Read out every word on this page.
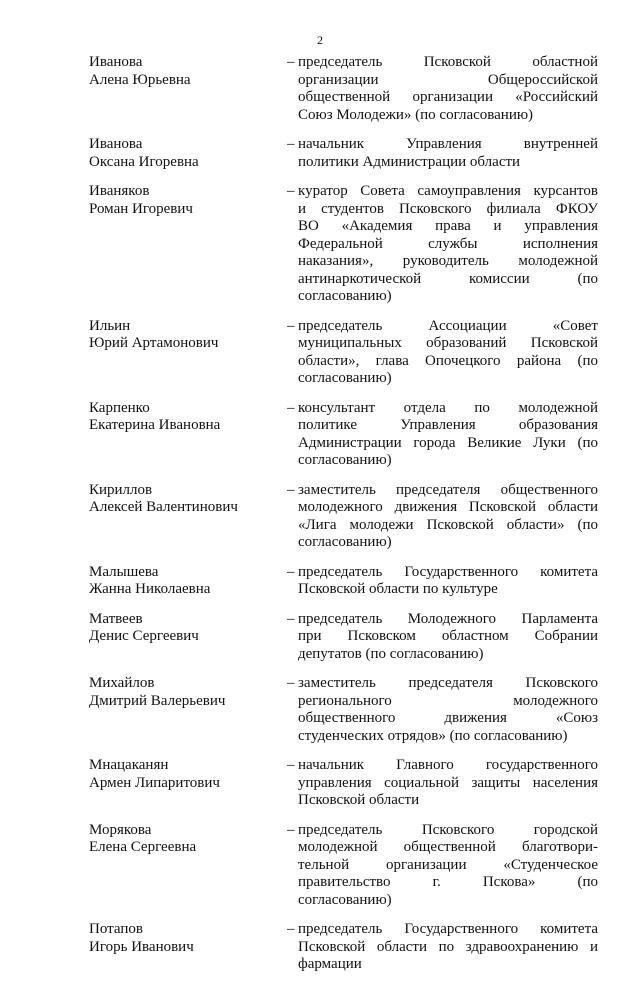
2
Иванова
Алена Юрьевна
– председатель Псковской областной
организации Общероссийской
общественной организации «Российский
Союз Молодежи» (по согласованию)
Иванова
Оксана Игоревна
– начальник Управления внутренней
политики Администрации области
Иваняков
Роман Игоревич
– куратор Совета самоуправления курсантов
и студентов Псковского филиала ФКОУ
ВО «Академия права и управления
Федеральной службы исполнения
наказания», руководитель молодежной
антинаркотической комиссии (по
согласованию)
Ильин
Юрий Артамонович
– председатель Ассоциации «Совет
муниципальных образований Псковской
области», глава Опочецкого района (по
согласованию)
Карпенко
Екатерина Ивановна
– консультант отдела по молодежной
политике Управления образования
Администрации города Великие Луки (по
согласованию)
Кириллов
Алексей Валентинович
– заместитель председателя общественного
молодежного движения Псковской области
«Лига молодежи Псковской области» (по
согласованию)
Малышева
Жанна Николаевна
– председатель Государственного комитета
Псковской области по культуре
Матвеев
Денис Сергеевич
– председатель Молодежного Парламента
при Псковском областном Собрании
депутатов (по согласованию)
Михайлов
Дмитрий Валерьевич
– заместитель председателя Псковского
регионального молодежного
общественного движения «Союз
студенческих отрядов» (по согласованию)
Мнацаканян
Армен Липаритович
– начальник Главного государственного
управления социальной защиты населения
Псковской области
Морякова
Елена Сергеевна
– председатель Псковского городской
молодежной общественной благотвори-
тельной организации «Студенческое
правительство г. Пскова» (по
согласованию)
Потапов
Игорь Иванович
– председатель Государственного комитета
Псковской области по здравоохранению и
фармации
